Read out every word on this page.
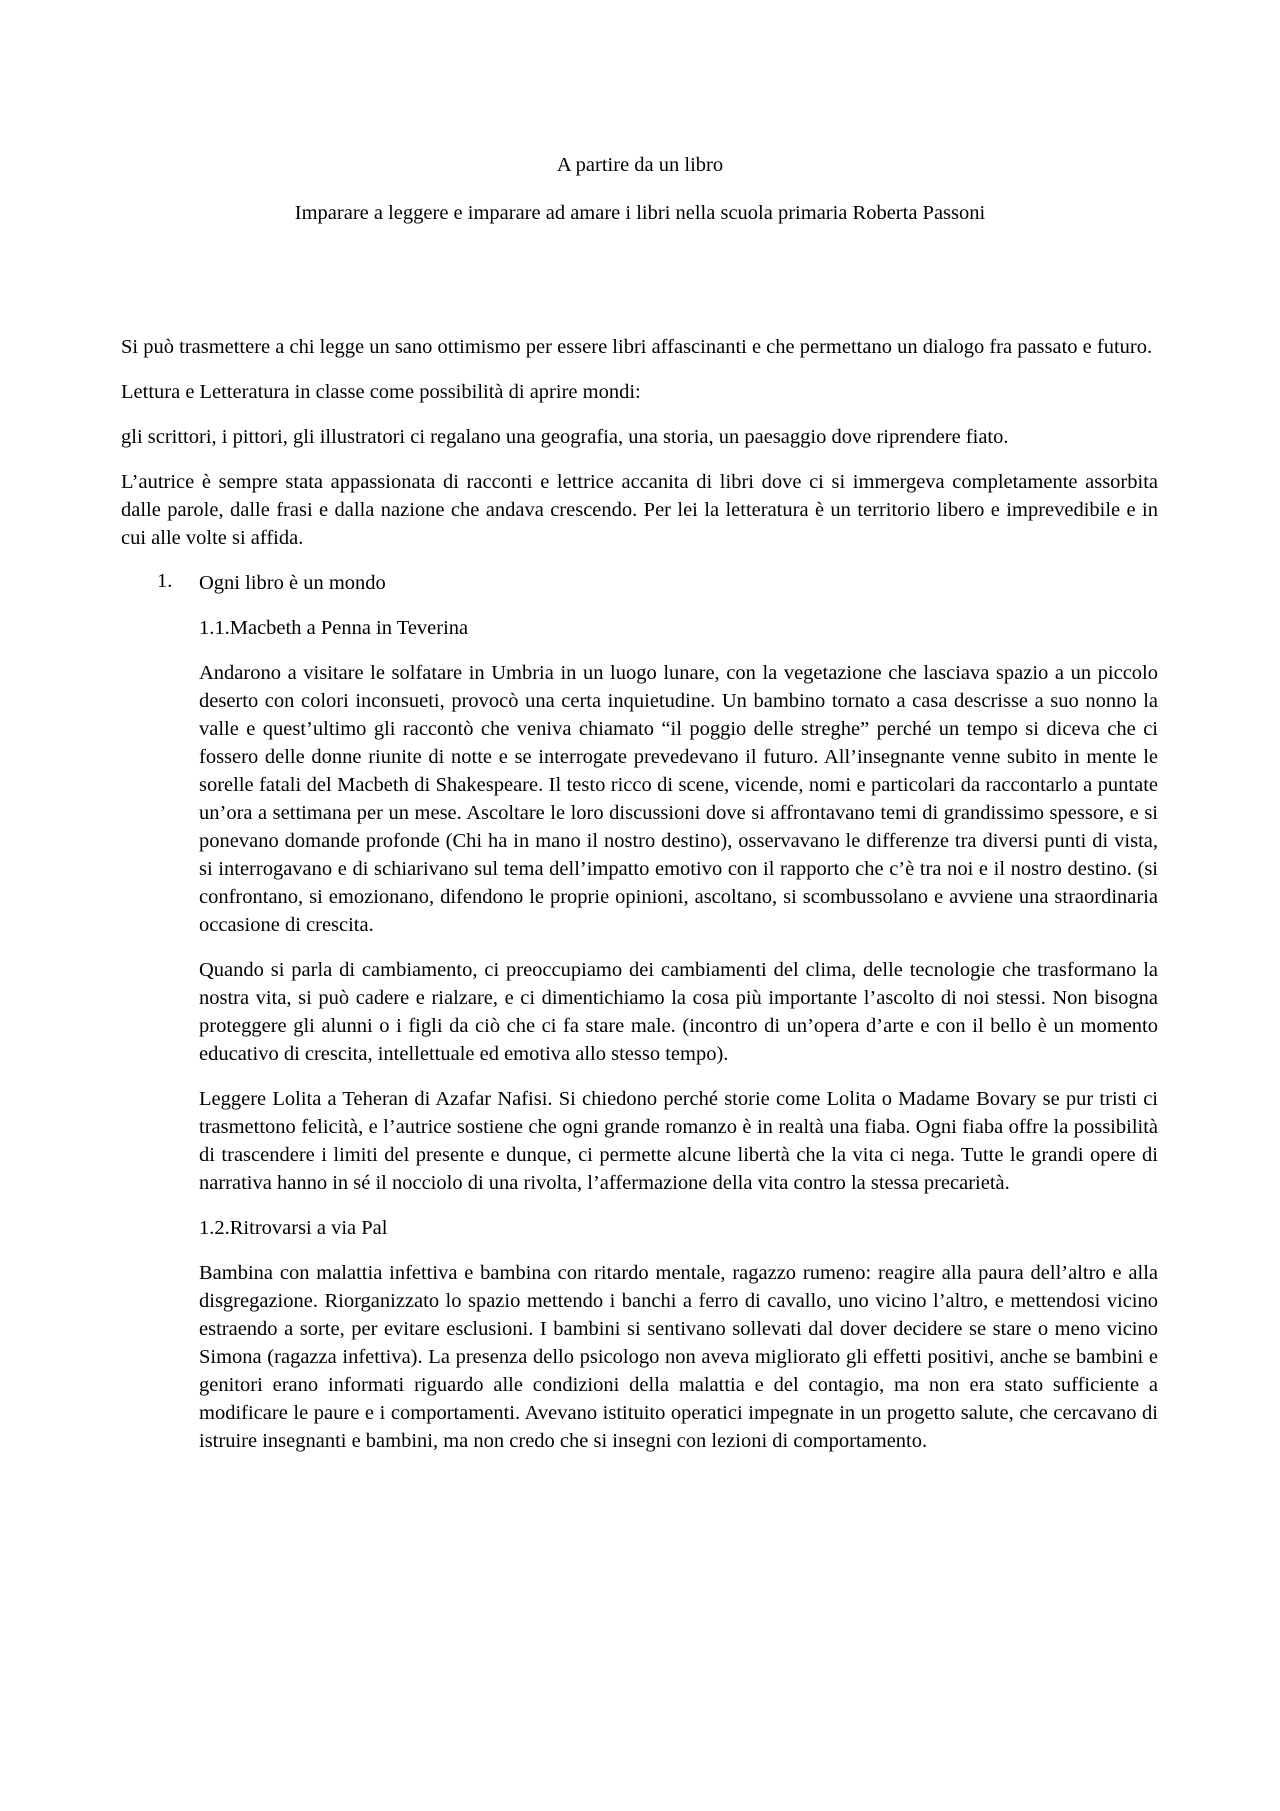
A partire da un libro
Imparare a leggere e imparare ad amare i libri nella scuola primaria Roberta Passoni

Si può trasmettere a chi legge un sano ottimismo per essere libri affascinanti e che permettano un dialogo fra passato e futuro.

Lettura e Letteratura in classe come possibilità di aprire mondi:

gli scrittori, i pittori, gli illustratori ci regalano una geografia, una storia, un paesaggio dove riprendere fiato.

L’autrice è sempre stata appassionata di racconti e lettrice accanita di libri dove ci si immergeva completamente assorbita dalle parole, dalle frasi e dalla nazione che andava crescendo. Per lei la letteratura è un territorio libero e imprevedibile e in cui alle volte si affida.

1. Ogni libro è un mondo
1.1.Macbeth a Penna in Teverina

Andarono a visitare le solfatare in Umbria in un luogo lunare, con la vegetazione che lasciava spazio a un piccolo deserto con colori inconsueti, provocò una certa inquietudine. Un bambino tornato a casa descrisse a suo nonno la valle e quest’ultimo gli raccontò che veniva chiamato “il poggio delle streghe” perché un tempo si diceva che ci fossero delle donne riunite di notte e se interrogate prevedevano il futuro. All’insegnante venne subito in mente le sorelle fatali del Macbeth di Shakespeare. Il testo ricco di scene, vicende, nomi e particolari da raccontarlo a puntate un’ora a settimana per un mese. Ascoltare le loro discussioni dove si affrontavano temi di grandissimo spessore, e si ponevano domande profonde (Chi ha in mano il nostro destino), osservavano le differenze tra diversi punti di vista, si interrogavano e di schiarivano sul tema dell’impatto emotivo con il rapporto che c’è tra noi e il nostro destino. (si confrontano, si emozionano, difendono le proprie opinioni, ascoltano, si scombussolano e avviene una straordinaria occasione di crescita.

Quando si parla di cambiamento, ci preoccupiamo dei cambiamenti del clima, delle tecnologie che trasformano la nostra vita, si può cadere e rialzare, e ci dimentichiamo la cosa più importante l’ascolto di noi stessi. Non bisogna proteggere gli alunni o i figli da ciò che ci fa stare male. (incontro di un’opera d’arte e con il bello è un momento educativo di crescita, intellettuale ed emotiva allo stesso tempo).

Leggere Lolita a Teheran di Azafar Nafisi. Si chiedono perché storie come Lolita o Madame Bovary se pur tristi ci trasmettono felicità, e l’autrice sostiene che ogni grande romanzo è in realtà una fiaba. Ogni fiaba offre la possibilità di trascendere i limiti del presente e dunque, ci permette alcune libertà che la vita ci nega. Tutte le grandi opere di narrativa hanno in sé il nocciolo di una rivolta, l’affermazione della vita contro la stessa precarietà.

1.2.Ritrovarsi a via Pal

Bambina con malattia infettiva e bambina con ritardo mentale, ragazzo rumeno: reagire alla paura dell’altro e alla disgregazione. Riorganizzato lo spazio mettendo i banchi a ferro di cavallo, uno vicino l’altro, e mettendosi vicino estraendo a sorte, per evitare esclusioni. I bambini si sentivano sollevati dal dover decidere se stare o meno vicino Simona (ragazza infettiva). La presenza dello psicologo non aveva migliorato gli effetti positivi, anche se bambini e genitori erano informati riguardo alle condizioni della malattia e del contagio, ma non era stato sufficiente a modificare le paure e i comportamenti. Avevano istituito operatici impegnate in un progetto salute, che cercavano di istruire insegnanti e bambini, ma non credo che si insegni con lezioni di comportamento.
